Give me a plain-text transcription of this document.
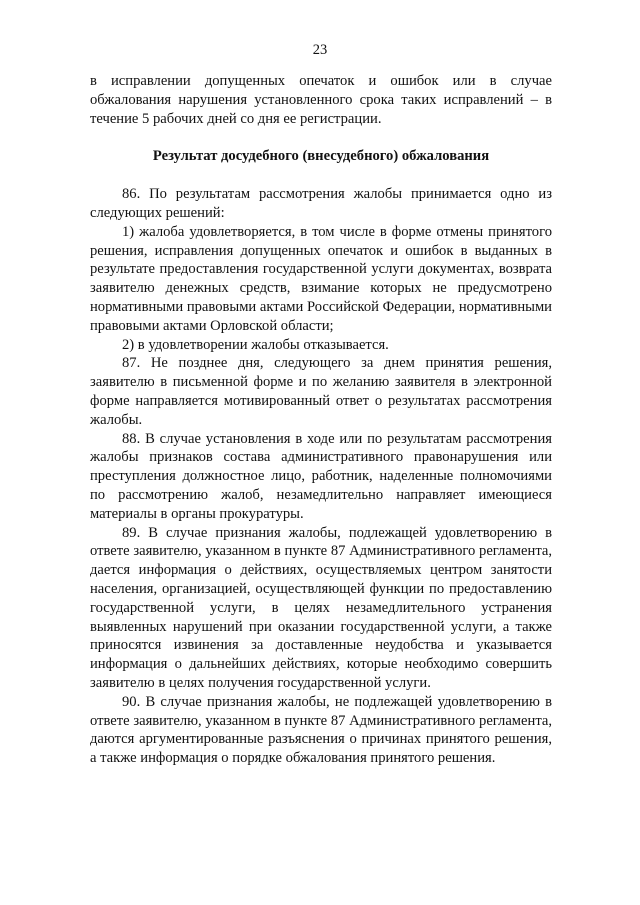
23

в исправлении допущенных опечаток и ошибок или в случае обжалования нарушения установленного срока таких исправлений – в течение 5 рабочих дней со дня ее регистрации.

Результат досудебного (внесудебного) обжалования

86. По результатам рассмотрения жалобы принимается одно из следующих решений:

1) жалоба удовлетворяется, в том числе в форме отмены принятого решения, исправления допущенных опечаток и ошибок в выданных в результате предоставления государственной услуги документах, возврата заявителю денежных средств, взимание которых не предусмотрено нормативными правовыми актами Российской Федерации, нормативными правовыми актами Орловской области;

2) в удовлетворении жалобы отказывается.

87. Не позднее дня, следующего за днем принятия решения, заявителю в письменной форме и по желанию заявителя в электронной форме направляется мотивированный ответ о результатах рассмотрения жалобы.

88. В случае установления в ходе или по результатам рассмотрения жалобы признаков состава административного правонарушения или преступления должностное лицо, работник, наделенные полномочиями по рассмотрению жалоб, незамедлительно направляет имеющиеся материалы в органы прокуратуры.

89. В случае признания жалобы, подлежащей удовлетворению в ответе заявителю, указанном в пункте 87 Административного регламента, дается информация о действиях, осуществляемых центром занятости населения, организацией, осуществляющей функции по предоставлению государственной услуги, в целях незамедлительного устранения выявленных нарушений при оказании государственной услуги, а также приносятся извинения за доставленные неудобства и указывается информация о дальнейших действиях, которые необходимо совершить заявителю в целях получения государственной услуги.

90. В случае признания жалобы, не подлежащей удовлетворению в ответе заявителю, указанном в пункте 87 Административного регламента, даются аргументированные разъяснения о причинах принятого решения, а также информация о порядке обжалования принятого решения.
